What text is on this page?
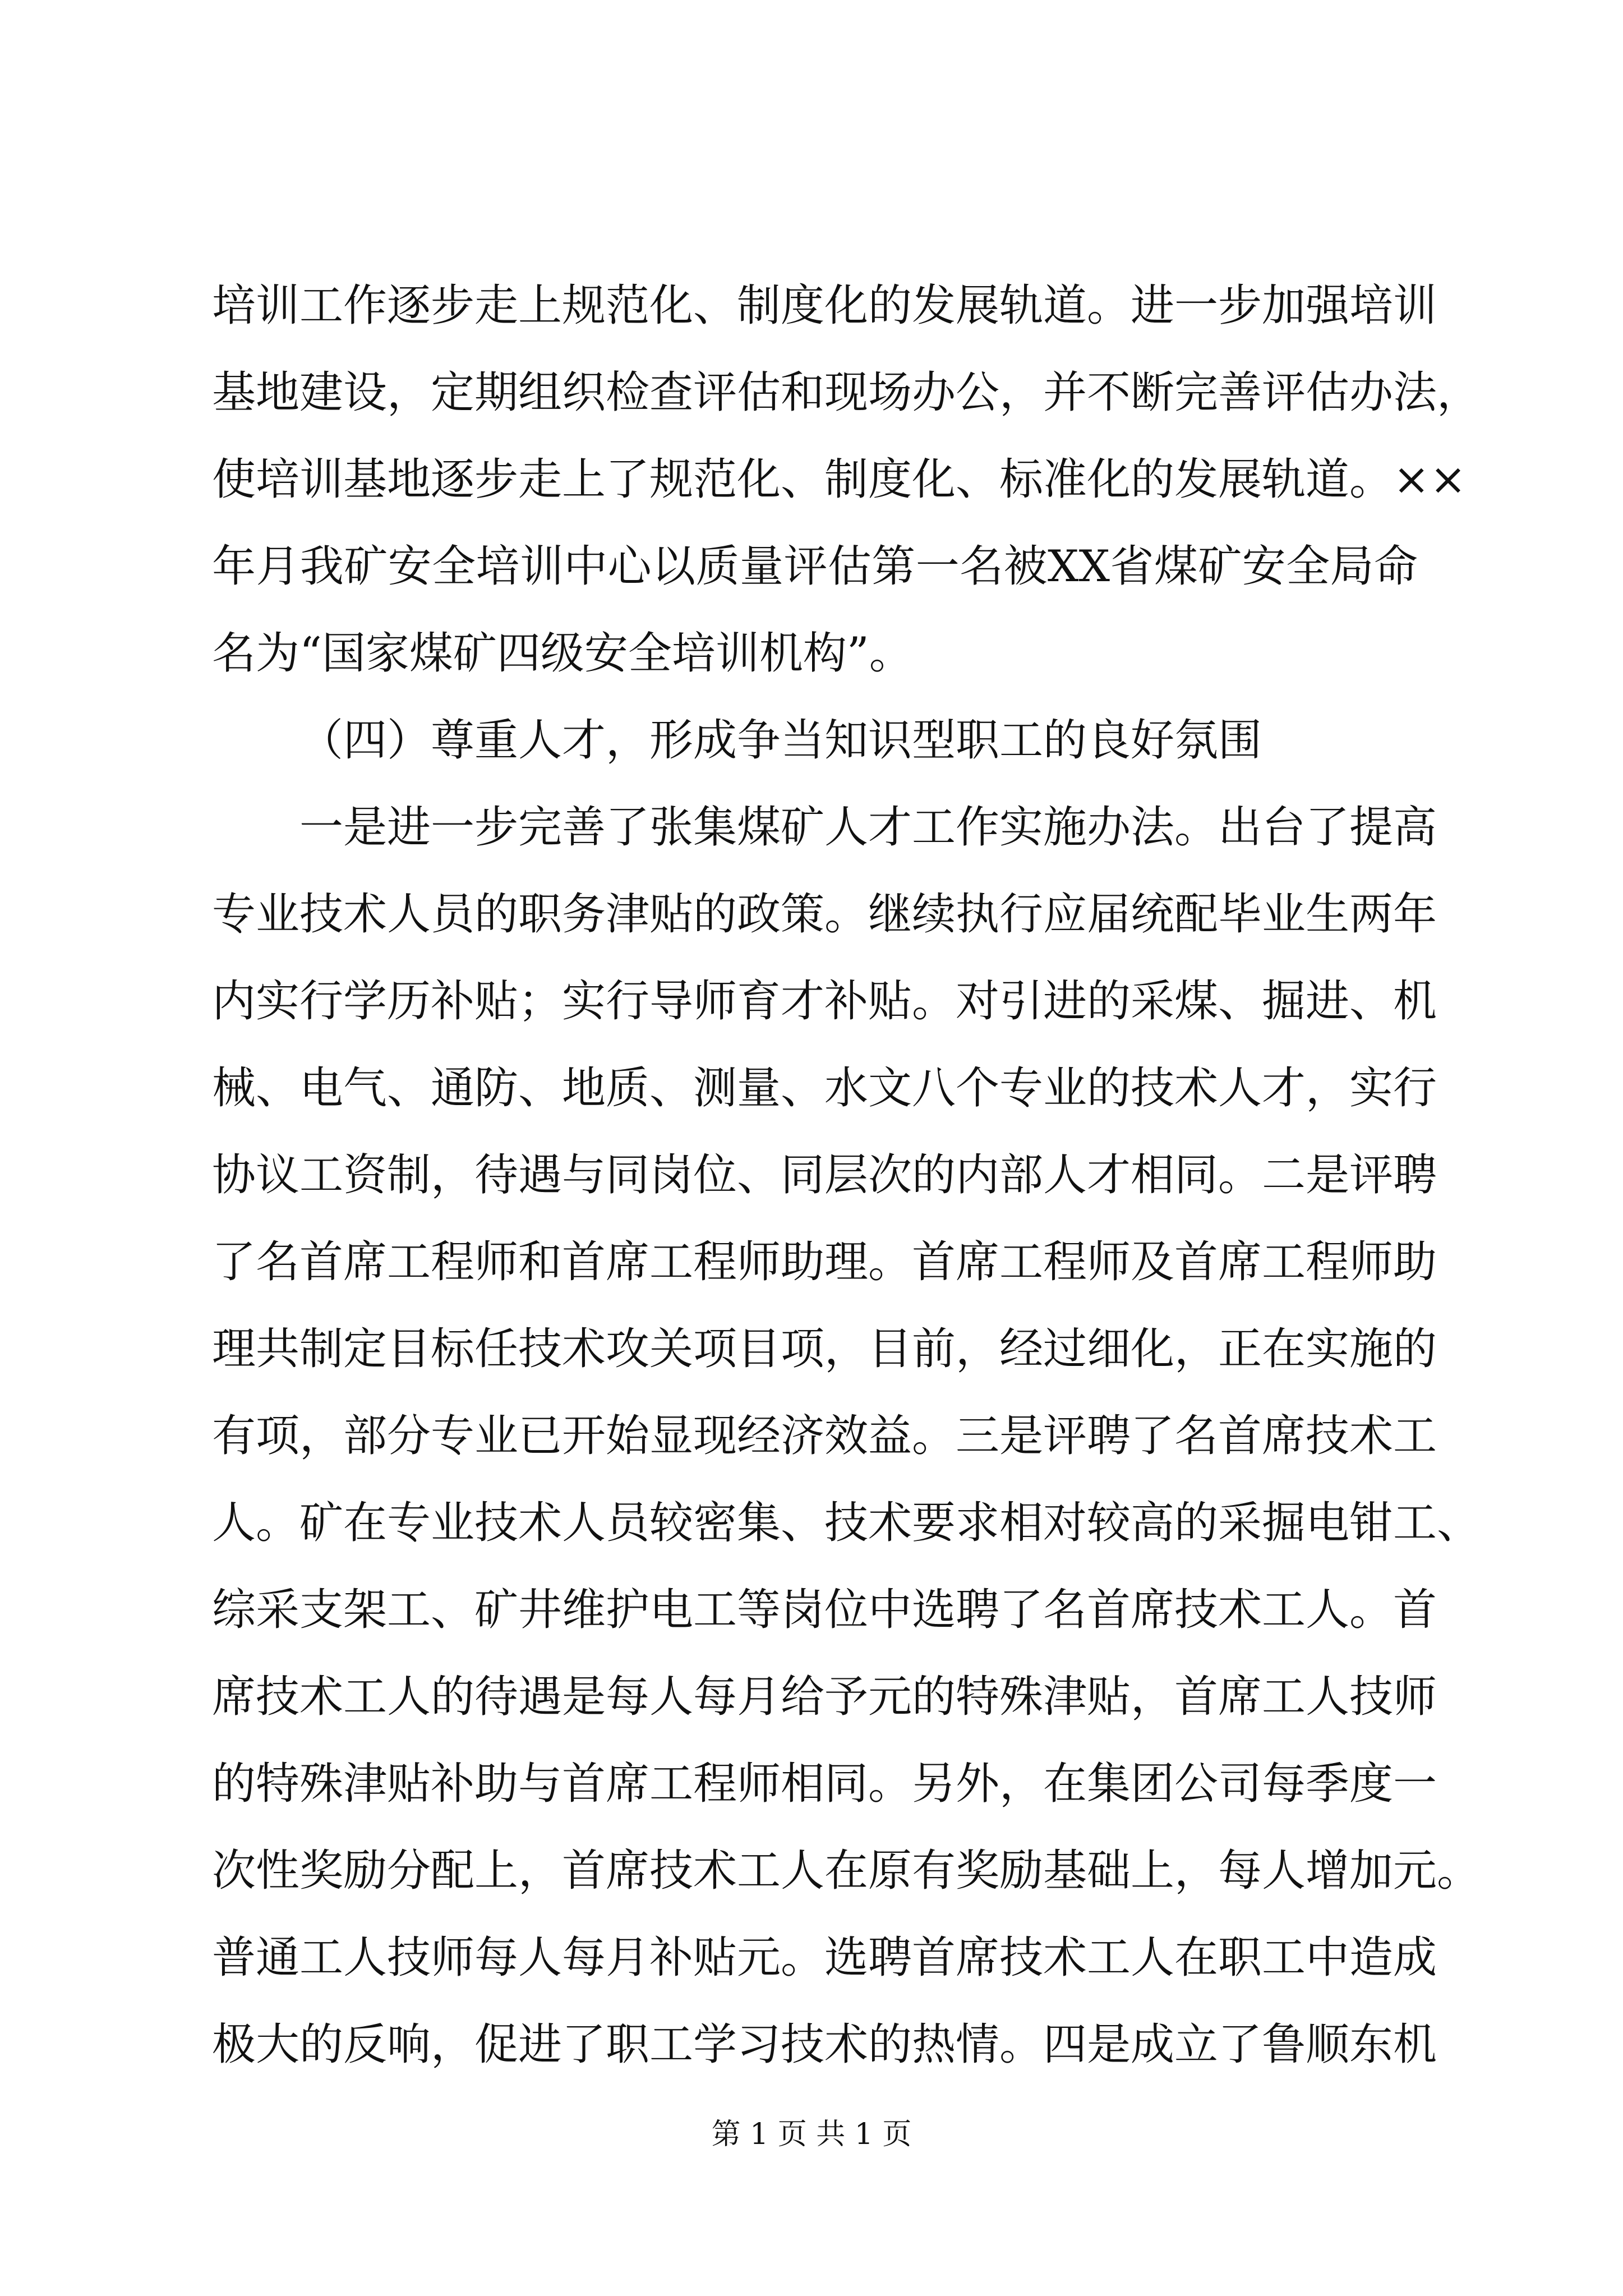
培训工作逐步走上规范化、制度化的发展轨道。进一步加强培训
基地建设，定期组织检查评估和现场办公，并不断完善评估办法，
使培训基地逐步走上了规范化、制度化、标准化的发展轨道。××
年月我矿安全培训中心以质量评估第一名被XX省煤矿安全局命
名为“国家煤矿四级安全培训机构”。
（四）尊重人才，形成争当知识型职工的良好氛围
一是进一步完善了张集煤矿人才工作实施办法。出台了提高
专业技术人员的职务津贴的政策。继续执行应届统配毕业生两年
内实行学历补贴；实行导师育才补贴。对引进的采煤、掘进、机
械、电气、通防、地质、测量、水文八个专业的技术人才，实行
协议工资制，待遇与同岗位、同层次的内部人才相同。二是评聘
了名首席工程师和首席工程师助理。首席工程师及首席工程师助
理共制定目标任技术攻关项目项，目前，经过细化，正在实施的
有项，部分专业已开始显现经济效益。三是评聘了名首席技术工
人。矿在专业技术人员较密集、技术要求相对较高的采掘电钳工、
综采支架工、矿井维护电工等岗位中选聘了名首席技术工人。首
席技术工人的待遇是每人每月给予元的特殊津贴，首席工人技师
的特殊津贴补助与首席工程师相同。另外，在集团公司每季度一
次性奖励分配上，首席技术工人在原有奖励基础上，每人增加元。
普通工人技师每人每月补贴元。选聘首席技术工人在职工中造成
极大的反响，促进了职工学习技术的热情。四是成立了鲁顺东机
第 1 页 共 1 页
